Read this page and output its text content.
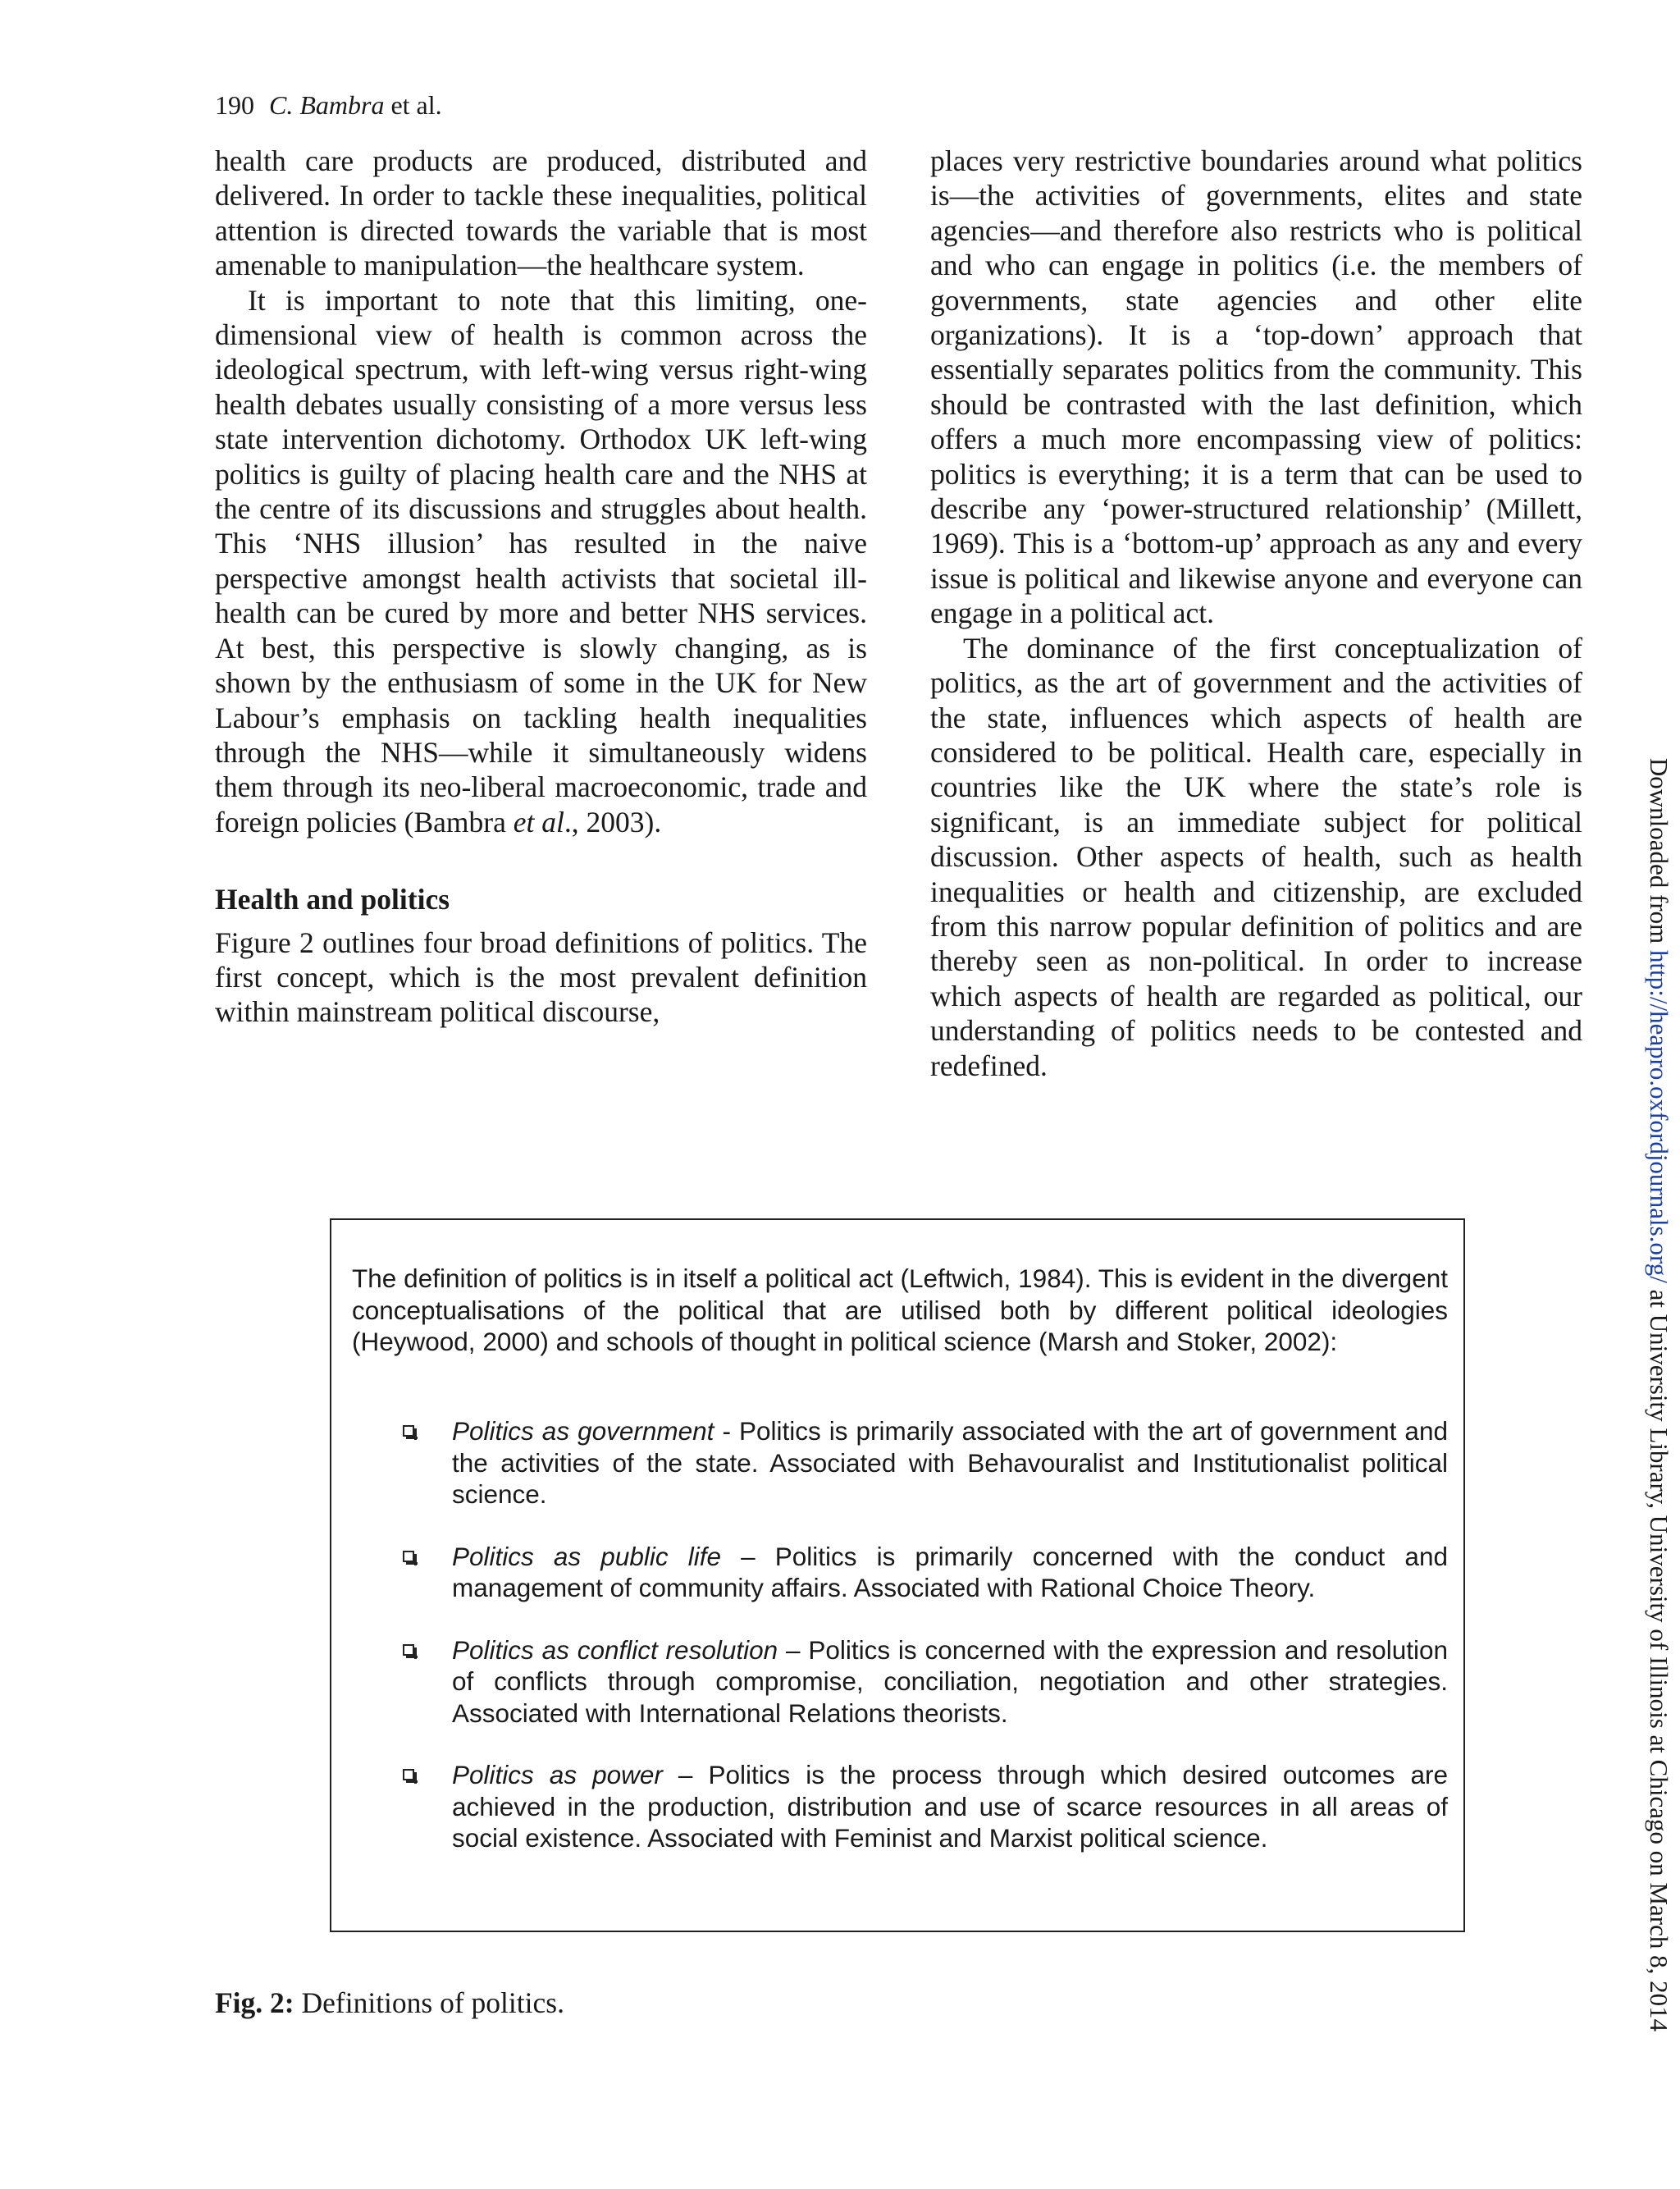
190 C. Bambra et al.

health care products are produced, distributed and delivered. In order to tackle these inequalities, political attention is directed towards the variable that is most amenable to manipulation—the healthcare system.

It is important to note that this limiting, one-dimensional view of health is common across the ideological spectrum, with left-wing versus right-wing health debates usually consisting of a more versus less state intervention dichotomy. Orthodox UK left-wing politics is guilty of placing health care and the NHS at the centre of its discussions and struggles about health. This ‘NHS illusion’ has resulted in the naive perspective amongst health activists that societal ill-health can be cured by more and better NHS services. At best, this perspective is slowly changing, as is shown by the enthusiasm of some in the UK for New Labour’s emphasis on tackling health inequalities through the NHS—while it simultaneously widens them through its neo-liberal macroeconomic, trade and foreign policies (Bambra et al., 2003).

Health and politics

Figure 2 outlines four broad definitions of politics. The first concept, which is the most prevalent definition within mainstream political discourse,

places very restrictive boundaries around what politics is—the activities of governments, elites and state agencies—and therefore also restricts who is political and who can engage in politics (i.e. the members of governments, state agencies and other elite organizations). It is a ‘top-down’ approach that essentially separates politics from the community. This should be contrasted with the last definition, which offers a much more encompassing view of politics: politics is everything; it is a term that can be used to describe any ‘power-structured relationship’ (Millett, 1969). This is a ‘bottom-up’ approach as any and every issue is political and likewise anyone and everyone can engage in a political act.

The dominance of the first conceptualization of politics, as the art of government and the activities of the state, influences which aspects of health are considered to be political. Health care, especially in countries like the UK where the state’s role is significant, is an immediate subject for political discussion. Other aspects of health, such as health inequalities or health and citizenship, are excluded from this narrow popular definition of politics and are thereby seen as non-political. In order to increase which aspects of health are regarded as political, our understanding of politics needs to be contested and redefined.

Downloaded from http://heapro.oxfordjournals.org/ at University Library, University of Illinois at Chicago on March 8, 2014

The definition of politics is in itself a political act (Leftwich, 1984). This is evident in the divergent conceptualisations of the political that are utilised both by different political ideologies (Heywood, 2000) and schools of thought in political science (Marsh and Stoker, 2002):

Politics as government - Politics is primarily associated with the art of government and the activities of the state. Associated with Behavouralist and Institutionalist political science.
Politics as public life – Politics is primarily concerned with the conduct and management of community affairs. Associated with Rational Choice Theory.
Politics as conflict resolution – Politics is concerned with the expression and resolution of conflicts through compromise, conciliation, negotiation and other strategies. Associated with International Relations theorists.
Politics as power – Politics is the process through which desired outcomes are achieved in the production, distribution and use of scarce resources in all areas of social existence. Associated with Feminist and Marxist political science.
Fig. 2: Definitions of politics.
